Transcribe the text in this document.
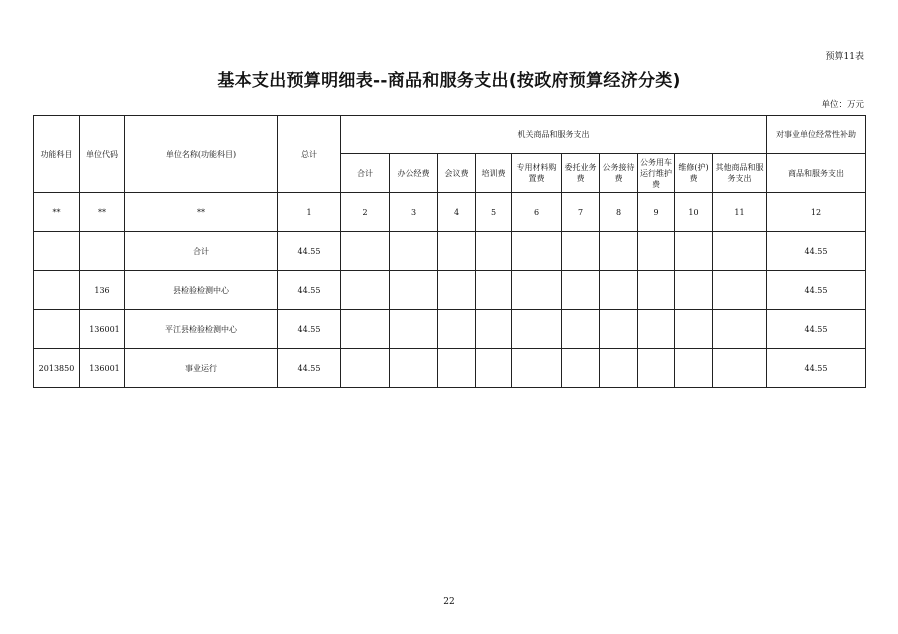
预算11表
基本支出预算明细表--商品和服务支出(按政府预算经济分类)
单位：万元
功能科目	单位代码	单位名称(功能科目)	总计	机关商品和服务支出										对事业单位经常性补助
				合计	办公经费	会议费	培训费	专用材料购置费	委托业务费	公务接待费	公务用车运行维护费	维修(护)费	其他商品和服务支出	商品和服务支出
**	**	**	1	2	3	4	5	6	7	8	9	10	11	12
		合计	44.55											44.55
	136	县检验检测中心	44.55											44.55
	136001	平江县检验检测中心	44.55											44.55
2013850	136001	事业运行	44.55											44.55
22
